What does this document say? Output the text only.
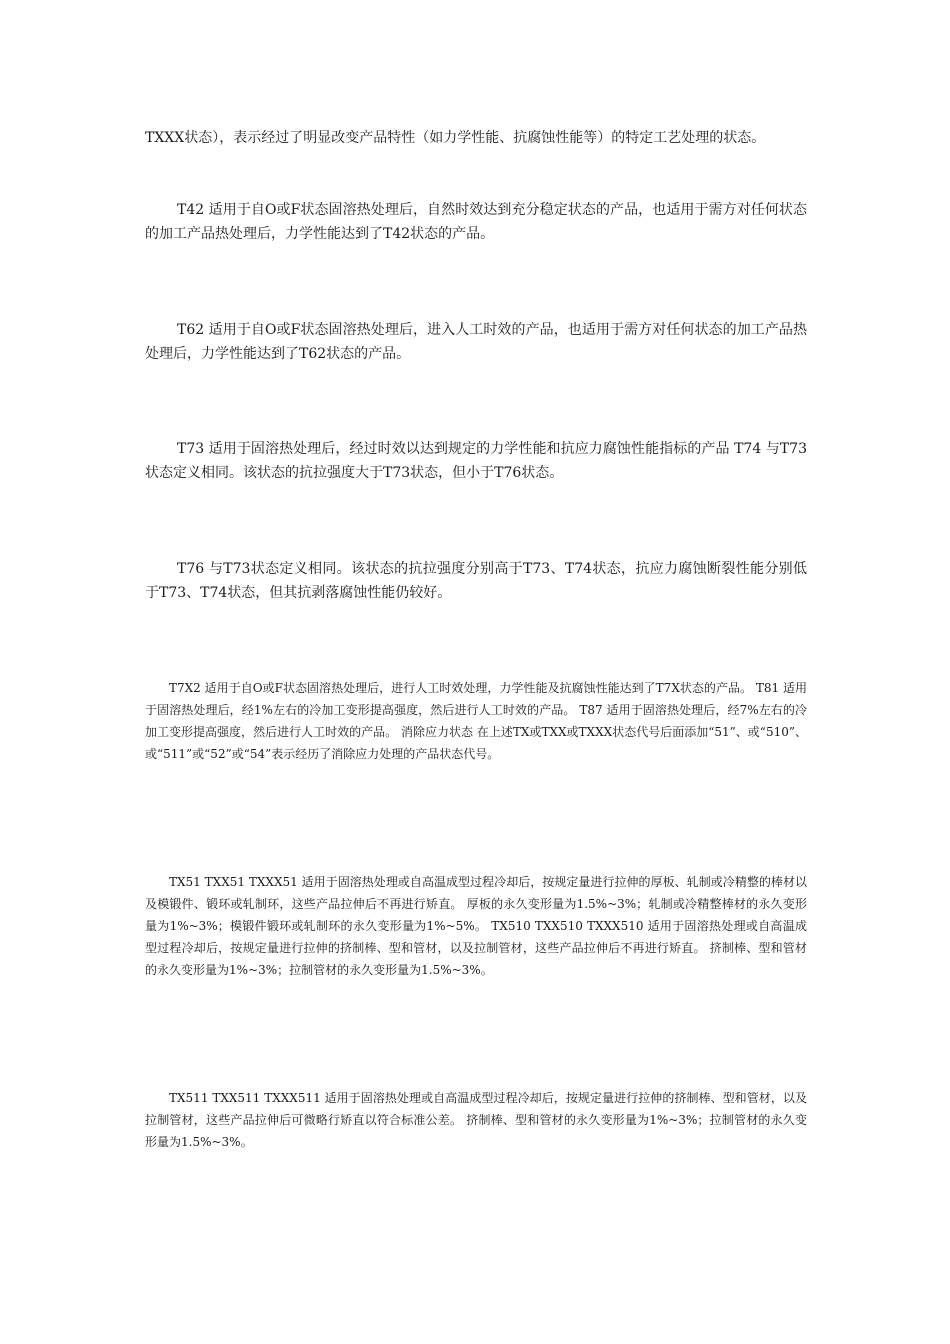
TXXX状态），表示经过了明显改变产品特性（如力学性能、抗腐蚀性能等）的特定工艺处理的状态。

T42 适用于自O或F状态固溶热处理后，自然时效达到充分稳定状态的产品，也适用于需方对任何状态的加工产品热处理后，力学性能达到了T42状态的产品。

T62 适用于自O或F状态固溶热处理后，进入人工时效的产品，也适用于需方对任何状态的加工产品热处理后，力学性能达到了T62状态的产品。

T73 适用于固溶热处理后，经过时效以达到规定的力学性能和抗应力腐蚀性能指标的产品 T74 与T73状态定义相同。该状态的抗拉强度大于T73状态，但小于T76状态。

T76 与T73状态定义相同。该状态的抗拉强度分别高于T73、T74状态，抗应力腐蚀断裂性能分别低于T73、T74状态，但其抗剥落腐蚀性能仍较好。

T7X2 适用于自O或F状态固溶热处理后，进行人工时效处理，力学性能及抗腐蚀性能达到了T7X状态的产品。 T81 适用于固溶热处理后，经1%左右的冷加工变形提高强度，然后进行人工时效的产品。 T87 适用于固溶热处理后，经7%左右的冷加工变形提高强度，然后进行人工时效的产品。 消除应力状态 在上述TX或TXX或TXXX状态代号后面添加“51”、或“510”、或“511”或“52”或“54”表示经历了消除应力处理的产品状态代号。

TX51 TXX51 TXXX51 适用于固溶热处理或自高温成型过程冷却后，按规定量进行拉伸的厚板、轧制或冷精整的棒材以及模锻件、锻环或轧制环，这些产品拉伸后不再进行矫直。 厚板的永久变形量为1.5%~3%；轧制或冷精整棒材的永久变形量为1%~3%；模锻件锻环或轧制环的永久变形量为1%~5%。 TX510 TXX510 TXXX510 适用于固溶热处理或自高温成型过程冷却后，按规定量进行拉伸的挤制棒、型和管材，以及拉制管材，这些产品拉伸后不再进行矫直。 挤制棒、型和管材的永久变形量为1%~3%；拉制管材的永久变形量为1.5%~3%。

TX511 TXX511 TXXX511 适用于固溶热处理或自高温成型过程冷却后，按规定量进行拉伸的挤制棒、型和管材，以及拉制管材，这些产品拉伸后可微略行矫直以符合标准公差。 挤制棒、型和管材的永久变形量为1%~3%；拉制管材的永久变形量为1.5%~3%。
